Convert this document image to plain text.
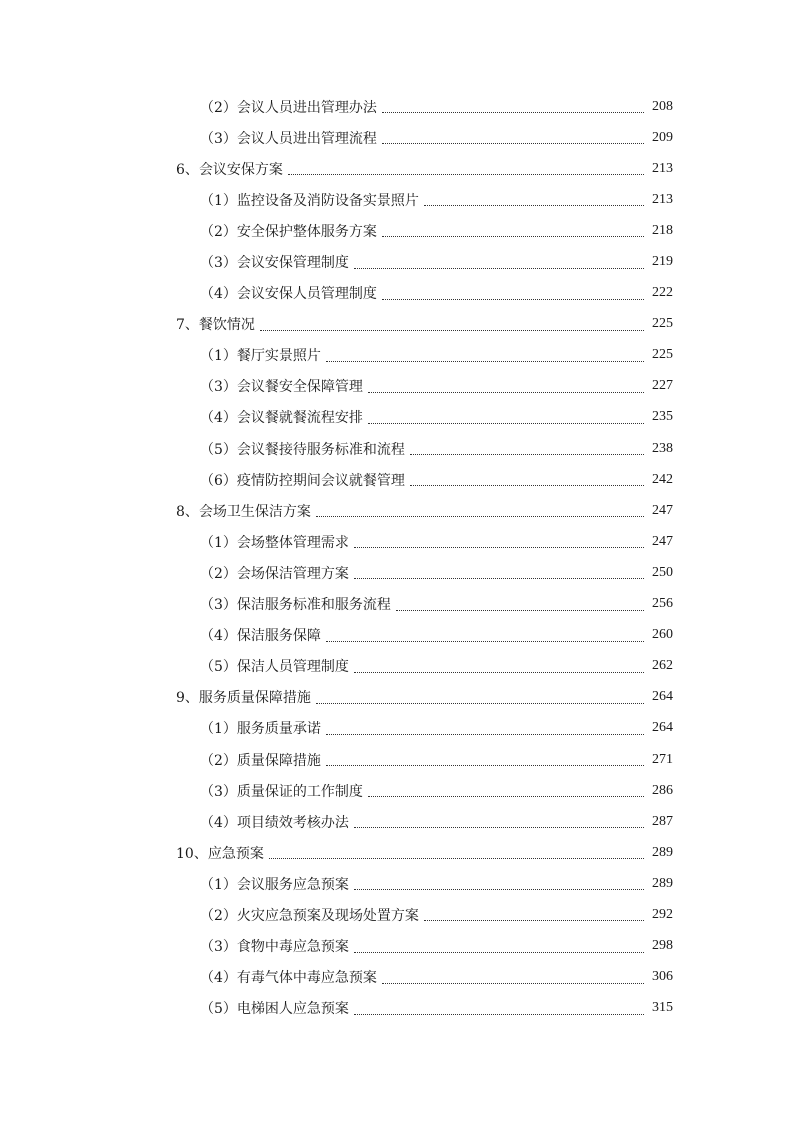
（2）会议人员进出管理办法	208
（3）会议人员进出管理流程	209
6、会议安保方案	213
（1）监控设备及消防设备实景照片	213
（2）安全保护整体服务方案	218
（3）会议安保管理制度	219
（4）会议安保人员管理制度	222
7、餐饮情况	225
（1）餐厅实景照片	225
（3）会议餐安全保障管理	227
（4）会议餐就餐流程安排	235
（5）会议餐接待服务标准和流程	238
（6）疫情防控期间会议就餐管理	242
8、会场卫生保洁方案	247
（1）会场整体管理需求	247
（2）会场保洁管理方案	250
（3）保洁服务标准和服务流程	256
（4）保洁服务保障	260
（5）保洁人员管理制度	262
9、服务质量保障措施	264
（1）服务质量承诺	264
（2）质量保障措施	271
（3）质量保证的工作制度	286
（4）项目绩效考核办法	287
10、应急预案	289
（1）会议服务应急预案	289
（2）火灾应急预案及现场处置方案	292
（3）食物中毒应急预案	298
（4）有毒气体中毒应急预案	306
（5）电梯困人应急预案	315
